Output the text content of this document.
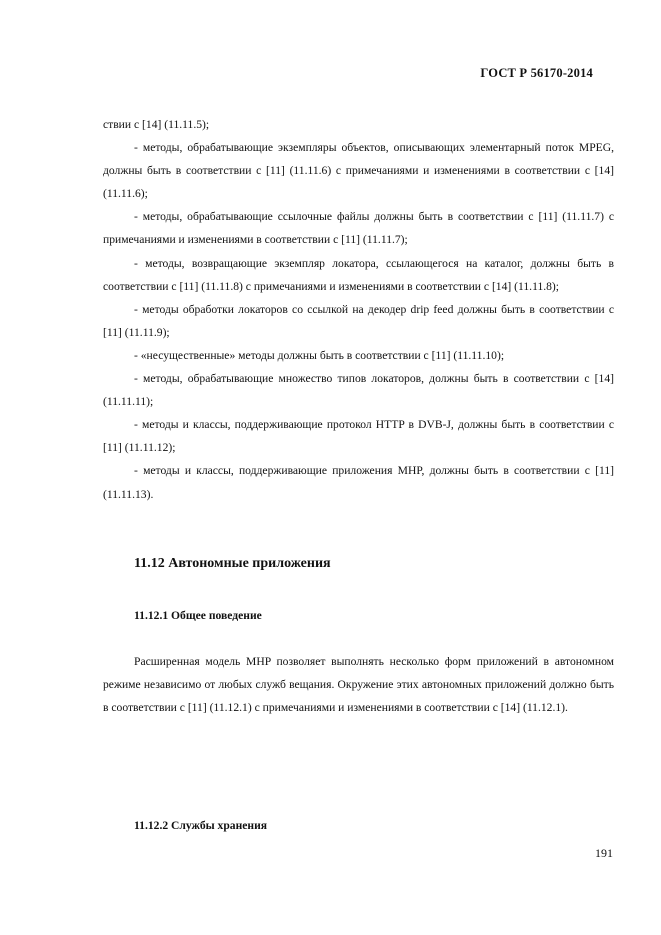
ГОСТ Р 56170-2014

ствии с [14] (11.11.5);

- методы, обрабатывающие экземпляры объектов, описывающих элементарный поток MPEG, должны быть в соответствии с [11] (11.11.6) с примечаниями и изменениями в соответствии с [14] (11.11.6);

- методы, обрабатывающие ссылочные файлы должны быть в соответствии с [11] (11.11.7) с примечаниями и изменениями в соответствии с [11] (11.11.7);

- методы, возвращающие экземпляр локатора, ссылающегося на каталог, должны быть в соответствии с [11] (11.11.8) с примечаниями и изменениями в соответствии с [14] (11.11.8);

- методы обработки локаторов со ссылкой на декодер drip feed должны быть в соответствии с [11] (11.11.9);

- «несущественные» методы должны быть в соответствии с [11] (11.11.10);

- методы, обрабатывающие множество типов локаторов, должны быть в соответствии с [14] (11.11.11);

- методы и классы, поддерживающие протокол HTTP в DVB-J, должны быть в соответствии с [11] (11.11.12);

- методы и классы, поддерживающие приложения MHP, должны быть в соответствии с [11] (11.11.13).

11.12 Автономные приложения
11.12.1 Общее поведение

Расширенная модель MHP позволяет выполнять несколько форм приложений в автономном режиме независимо от любых служб вещания. Окружение этих автономных приложений должно быть в соответствии с [11] (11.12.1) с примечаниями и изменениями в соответствии с [14] (11.12.1).

11.12.2 Службы хранения
191
